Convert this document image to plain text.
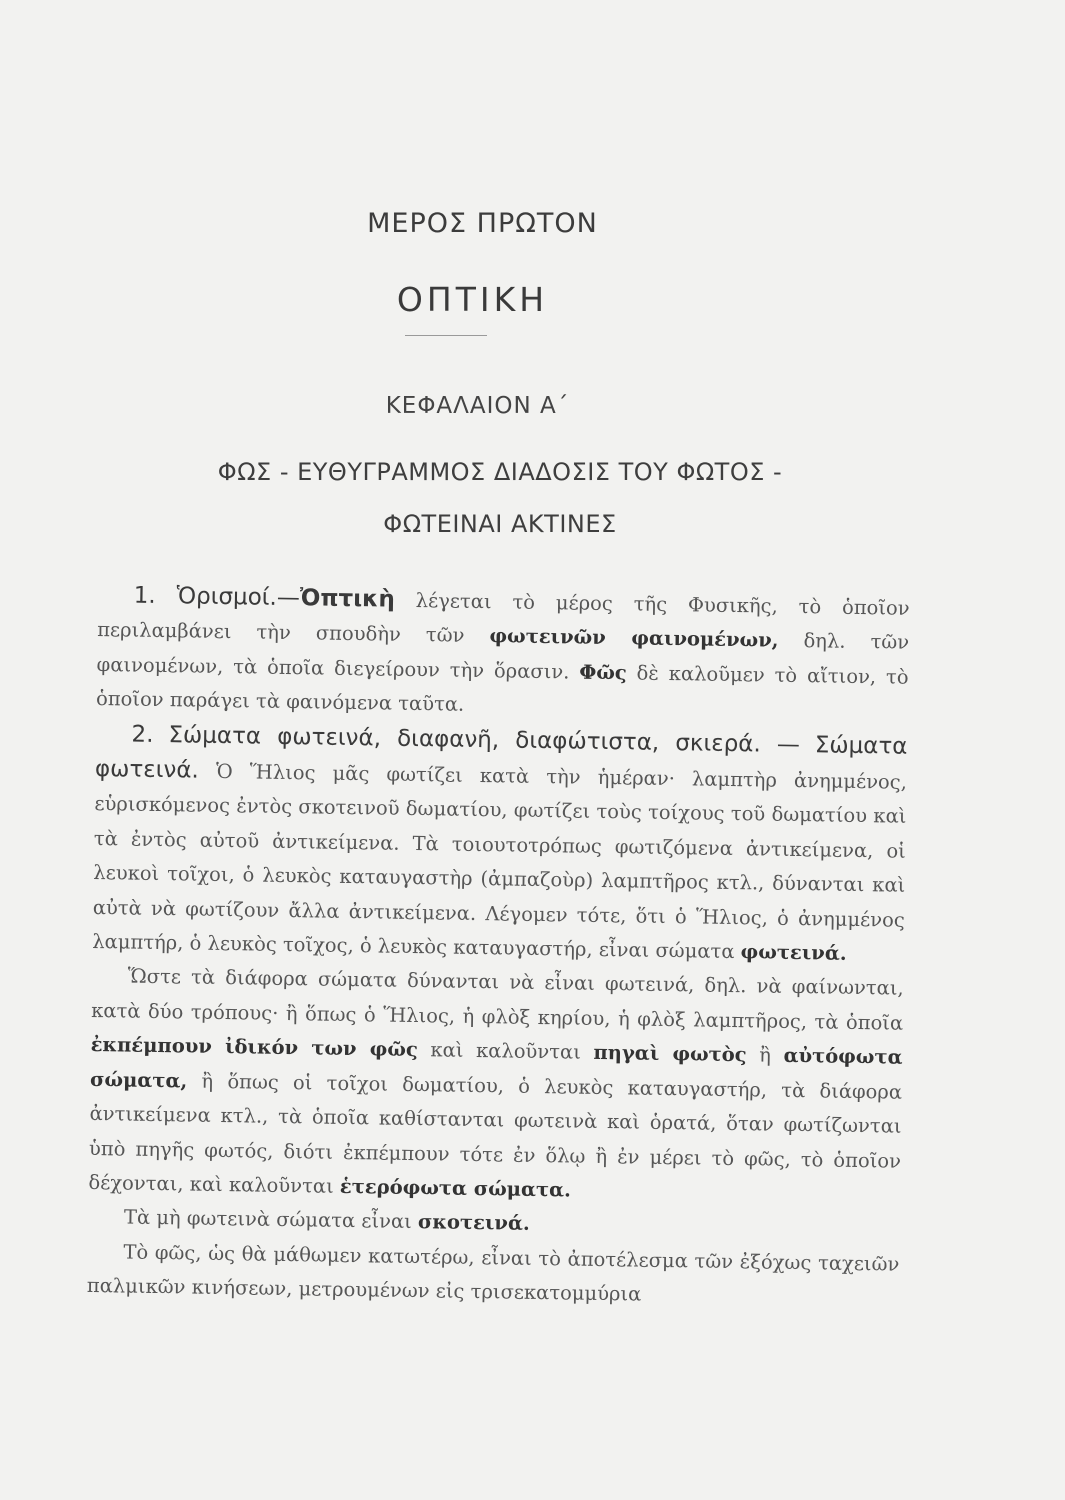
ΜΕΡΟΣ ΠΡΩΤΟΝ
ΟΠΤΙΚΗ
ΚΕΦΑΛΑΙΟΝ Α΄
ΦΩΣ - ΕΥΘΥΓΡΑΜΜΟΣ ΔΙΑΔΟΣΙΣ ΤΟΥ ΦΩΤΟΣ -
ΦΩΤΕΙΝΑΙ ΑΚΤΙΝΕΣ

1. Ὁρισμοί.—Ὀπτικὴ λέγεται τὸ μέρος τῆς Φυσικῆς, τὸ ὁποῖον περιλαμβάνει τὴν σπουδὴν τῶν φωτεινῶν φαινομένων, δηλ. τῶν φαινομένων, τὰ ὁποῖα διεγείρουν τὴν ὅρασιν. Φῶς δὲ καλοῦμεν τὸ αἴτιον, τὸ ὁποῖον παράγει τὰ φαινόμενα ταῦτα.

2. Σώματα φωτεινά, διαφανῆ, διαφώτιστα, σκιερά. — Σώματα φωτεινά. Ὁ Ἥλιος μᾶς φωτίζει κατὰ τὴν ἡμέραν· λαμπτὴρ ἀνημμένος, εὑρισκόμενος ἐντὸς σκοτεινοῦ δωματίου, φωτίζει τοὺς τοίχους τοῦ δωματίου καὶ τὰ ἐντὸς αὐτοῦ ἀντικείμενα. Τὰ τοιουτοτρόπως φωτιζόμενα ἀντικείμενα, οἱ λευκοὶ τοῖχοι, ὁ λευκὸς καταυγαστὴρ (ἀμπαζοὺρ) λαμπτῆρος κτλ., δύνανται καὶ αὐτὰ νὰ φωτίζουν ἄλλα ἀντικείμενα. Λέγομεν τότε, ὅτι ὁ Ἥλιος, ὁ ἀνημμένος λαμπτήρ, ὁ λευκὸς τοῖχος, ὁ λευκὸς καταυγαστήρ, εἶναι σώματα φωτεινά.

Ὥστε τὰ διάφορα σώματα δύνανται νὰ εἶναι φωτεινά, δηλ. νὰ φαίνωνται, κατὰ δύο τρόπους· ἢ ὅπως ὁ Ἥλιος, ἡ φλὸξ κηρίου, ἡ φλὸξ λαμπτῆρος, τὰ ὁποῖα ἐκπέμπουν ἰδικόν των φῶς καὶ καλοῦνται πηγαὶ φωτὸς ἢ αὐτόφωτα σώματα, ἢ ὅπως οἱ τοῖχοι δωματίου, ὁ λευκὸς καταυγαστήρ, τὰ διάφορα ἀντικείμενα κτλ., τὰ ὁποῖα καθίστανται φωτεινὰ καὶ ὁρατά, ὅταν φωτίζωνται ὑπὸ πηγῆς φωτός, διότι ἐκπέμπουν τότε ἐν ὅλῳ ἢ ἐν μέρει τὸ φῶς, τὸ ὁποῖον δέχονται, καὶ καλοῦνται ἑτερόφωτα σώματα.

Τὰ μὴ φωτεινὰ σώματα εἶναι σκοτεινά.

Τὸ φῶς, ὡς θὰ μάθωμεν κατωτέρω, εἶναι τὸ ἀποτέλεσμα τῶν ἐξόχως ταχειῶν παλμικῶν κινήσεων, μετρουμένων εἰς τρισεκατομμύρια
